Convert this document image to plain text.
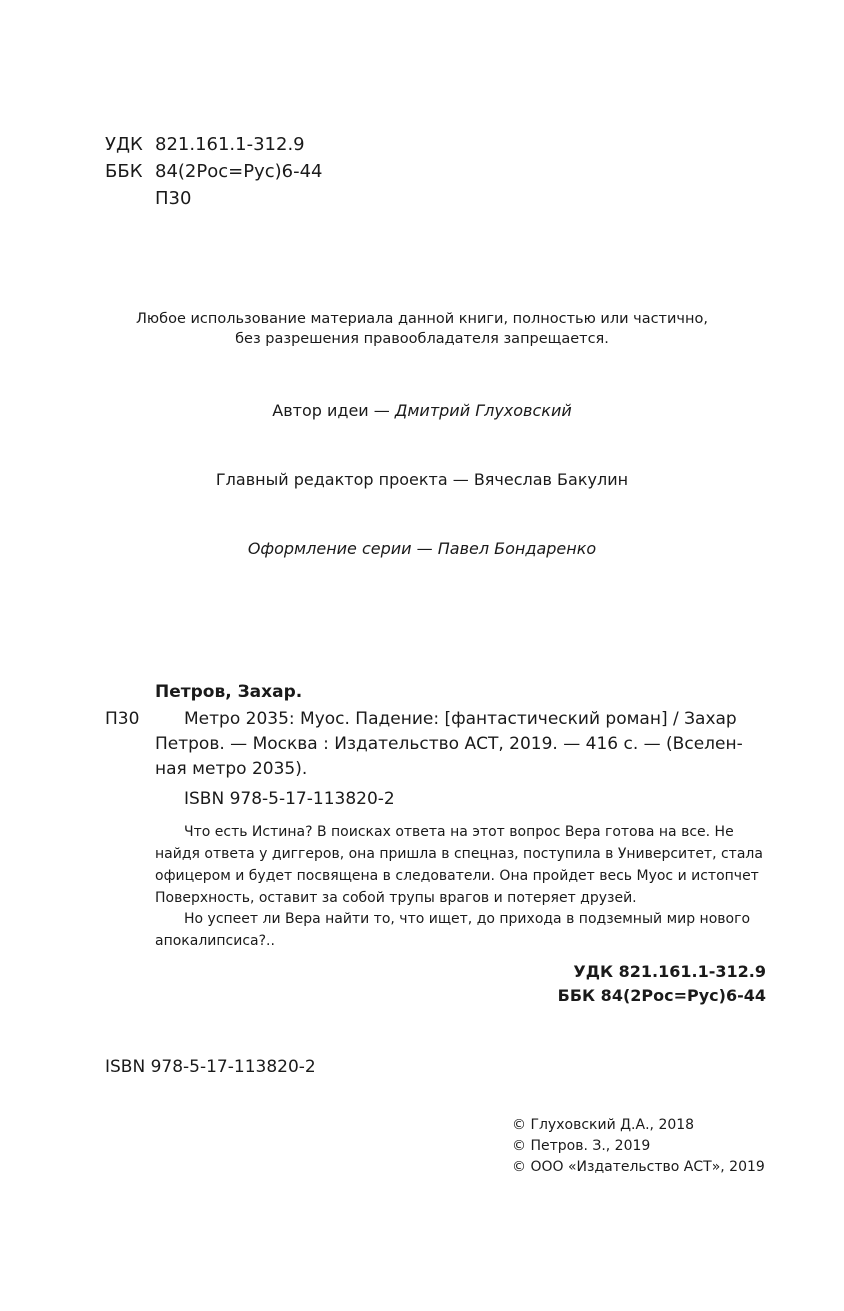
УДК 821.161.1-312.9
ББК 84(2Рос=Рус)6-44
П30
Любое использование материала данной книги, полностью или частично,
без разрешения правообладателя запрещается.
Автор идеи — Дмитрий Глуховский
Главный редактор проекта — Вячеслав Бакулин
Оформление серии — Павел Бондаренко
Петров, Захар.
П30	Метро 2035: Муос. Падение: [фантастический роман] / Захар
Петров. — Москва : Издательство АСТ, 2019. — 416 с. — (Вселен-
ная метро 2035).
ISBN 978-5-17-113820-2
Что есть Истина? В поисках ответа на этот вопрос Вера готова на все. Не
найдя ответа у диггеров, она пришла в спецназ, поступила в Университет, стала
офицером и будет посвящена в следователи. Она пройдет весь Муос и истопчет
Поверхность, оставит за собой трупы врагов и потеряет друзей.
Но успеет ли Вера найти то, что ищет, до прихода в подземный мир нового
апокалипсиса?..
УДК 821.161.1-312.9
ББК 84(2Рос=Рус)6-44
ISBN 978-5-17-113820-2
© Глуховский Д.А., 2018
© Петров. З., 2019
© ООО «Издательство АСТ», 2019
